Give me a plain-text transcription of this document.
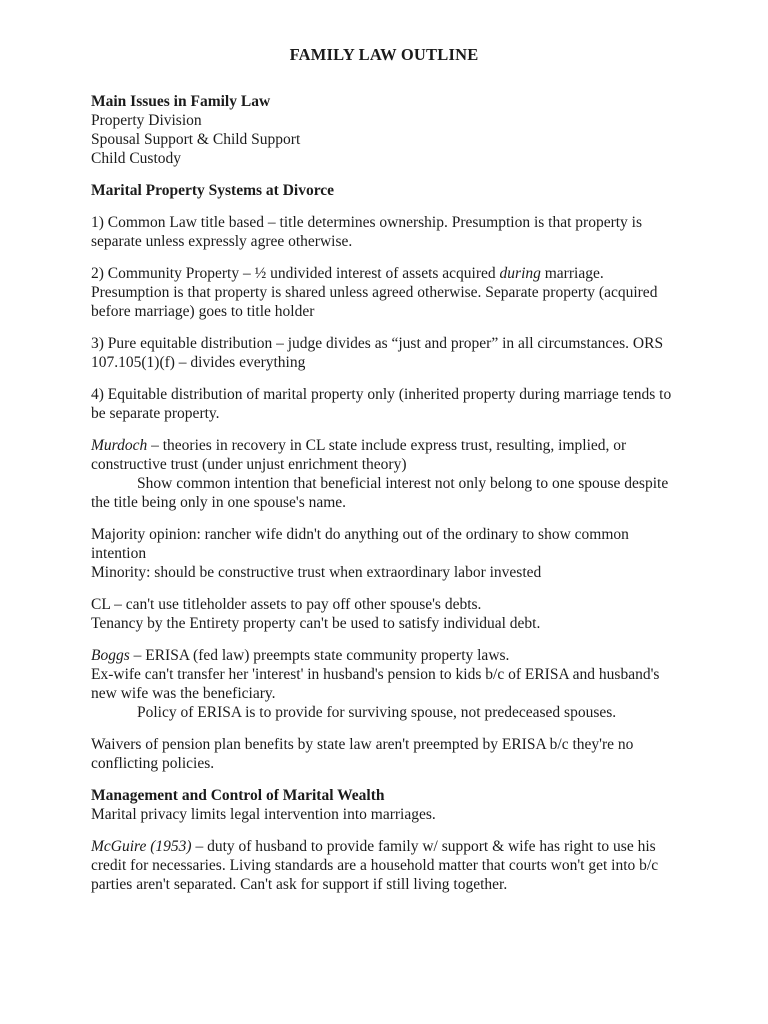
FAMILY LAW OUTLINE
Main Issues in Family Law
Property Division
Spousal Support & Child Support
Child Custody
Marital Property Systems at Divorce
1) Common Law title based – title determines ownership. Presumption is that property is separate unless expressly agree otherwise.
2) Community Property – ½ undivided interest of assets acquired during marriage. Presumption is that property is shared unless agreed otherwise. Separate property (acquired before marriage) goes to title holder
3) Pure equitable distribution – judge divides as “just and proper” in all circumstances. ORS 107.105(1)(f) – divides everything
4) Equitable distribution of marital property only (inherited property during marriage tends to be separate property.
Murdoch – theories in recovery in CL state include express trust, resulting, implied, or constructive trust (under unjust enrichment theory)
Show common intention that beneficial interest not only belong to one spouse despite the title being only in one spouse's name.
Majority opinion: rancher wife didn't do anything out of the ordinary to show common intention
Minority: should be constructive trust when extraordinary labor invested
CL – can't use titleholder assets to pay off other spouse's debts.
Tenancy by the Entirety property can't be used to satisfy individual debt.
Boggs – ERISA (fed law) preempts state community property laws.
Ex-wife can't transfer her 'interest' in husband's pension to kids b/c of ERISA and husband's new wife was the beneficiary.
Policy of ERISA is to provide for surviving spouse, not predeceased spouses.
Waivers of pension plan benefits by state law aren't preempted by ERISA b/c they're no conflicting policies.
Management and Control of Marital Wealth
Marital privacy limits legal intervention into marriages.
McGuire (1953) – duty of husband to provide family w/ support & wife has right to use his credit for necessaries. Living standards are a household matter that courts won't get into b/c parties aren't separated. Can't ask for support if still living together.
